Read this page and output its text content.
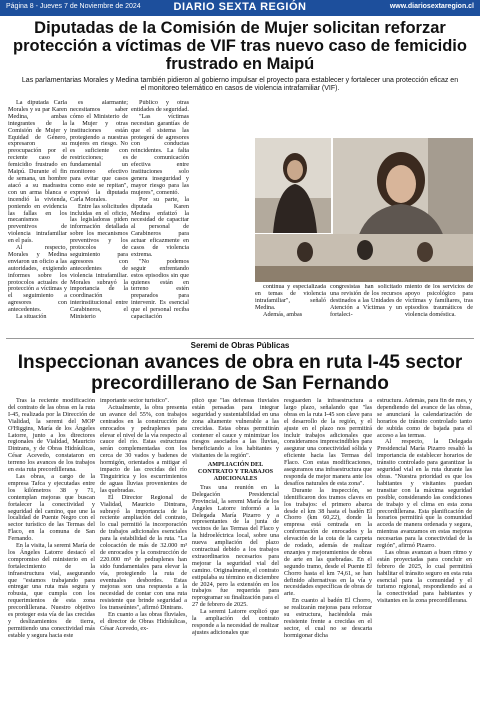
Página 8 - Jueves 7 de Noviembre de 2024	DIARIO SEXTA REGIÓN	www.diariosextaregion.cl
Diputadas de la Comisión de Mujer solicitan reforzar protección a víctimas de VIF tras nuevo caso de femicidio frustrado en Maipú
Las parlamentarias Morales y Medina también pidieron al gobierno impulsar el proyecto para establecer y fortalecer una protección eficaz en el monitoreo telemático en casos de violencia intrafamiliar (VIF).

La diputada Carla Morales y su par Karen Medina, ambas integrantes de la Comisión de Mujer y Equidad de Género, expresaron su preocupación por el reciente caso de femicidio frustrado en Maipú. Durante el fin de semana, un hombre atacó a su madrastra con un arma blanca e incendió la vivienda, poniendo en evidencia las fallas en los mecanismos preventivos de violencia intrafamiliar en el país.

Al respecto, Morales y Medina enviaron un oficio a las autoridades, exigiendo informes sobre los protocolos actuales de protección a víctimas y el seguimiento a agresores con antecedentes.

La situación

es alarmante; necesitamos saber cómo el Ministerio de la Mujer y otras instituciones están protegiendo a nuestras mujeres en riesgo. No es suficiente con restricciones; es fundamental un monitoreo efectivo para evitar que casos como este se repitan", expresó la diputada Carla Morales.

Entre las solicitudes incluidas en el oficio, las legisladoras piden información detallada sobre los mecanismos preventivos y los protocolos de seguimiento para agresores con antecedentes de violencia intrafamiliar. Morales subrayó la importancia de la coordinación interinstitucional entre Carabineros, el Ministerio

Público y otras entidades de seguridad.

"Las víctimas necesitan garantías de que el sistema las protegerá de agresores con conductas reincidentes. La falta de comunicación efectiva entre instituciones solo genera inseguridad y mayor riesgo para las mujeres", comentó.

Por su parte, la diputada Karen Medina enfatizó la necesidad de capacitar al personal de Carabineros para actuar eficazmente en casos de violencia extrema.

"No podemos seguir enfrentando estos episodios sin que quienes están en terreno estén preparados para intervenir. Es esencial que el personal reciba capacitación

continua y especializada en temas de violencia intrafamiliar", señaló Medina.

Además, ambas

congresistas han solicitado una revisión de los recursos destinados a las Unidades de Atención a Víctimas y un fortaleci-

miento de los servicios de apoyo psicológico para víctimas y familiares, tras episodios traumáticos de violencia doméstica.

Seremi de Obras Públicas
Inspeccionan avances de obra en ruta I-45 sector precordillerano de San Fernando

Tras la reciente modificación del contrato de las obras en la ruta I-45, realizada por la Dirección de Vialidad, la seremi del MOP O'Higgins, María de los Ángeles Latorre, junto a los directores regionales de Vialidad, Mauricio Dintrans, y de Obras Hidráulicas, César Acevedo, constataron en terreno los avances de los trabajos en esta ruta precordillerana.

Las obras, a cargo de la empresa Tafca y ejecutadas entre los kilómetros 38 y 71, contemplan mejoras que buscan fortalecer la conectividad y seguridad del camino, que une la localidad de Puente Negro con el sector turístico de las Termas del Flaco, en la comuna de San Fernando.

En la visita, la seremi María de los Ángeles Latorre destacó el compromiso del ministerio en el fortalecimiento de la infraestructura vial, asegurando que "estamos trabajando para entregar una ruta más segura y robusta, que cumpla con los requerimientos de esta zona precordillerana. Nuestro objetivo es proteger esta vía de las crecidas y deslizamientos de tierra, permitiendo una conectividad más estable y segura hacia este

importante sector turístico".

Actualmente, la obra presenta un avance del 55%, con trabajos centrados en la construcción de enrocados y pedraplenes para elevar el nivel de la vía respecto al cauce del río. Estas estructuras serán complementadas con los cerca de 30 vados y badenes de hormigón, orientados a mitigar el impacto de las crecidas del río Tinguiririca y los escurrimientos de aguas lluvias provenientes de las quebradas.

El Director Regional de Vialidad, Mauricio Dintrans, subrayó la importancia de la reciente ampliación del contrato, lo cual permitió la incorporación de trabajos adicionales esenciales para la estabilidad de la ruta. "La colocación de más de 32.000 m³ de enrocados y la construcción de 220.000 m³ de pedraplenes han sido fundamentales para elevar la vía, protegiendo la ruta de eventuales desbordes. Estas mejoras son una respuesta a la necesidad de contar con una ruta resistente que brinde seguridad a los transeúntes", afirmó Dintrans.

En cuanto a las obras fluviales, el director de Obras Hidráulicas, César Acevedo, ex-

plicó que "las defensas fluviales están pensadas para integrar seguridad y sustentabilidad en una zona altamente vulnerable a las crecidas. Estas obras permitirán contener el cauce y minimizar los riesgos asociados a las lluvias, beneficiando a los habitantes y visitantes de la región".

AMPLIACIÓN DEL CONTRATO Y TRABAJOS ADICIONALES

Tras una reunión en la Delegación Presidencial Provincial, la seremi María de los Ángeles Latorre informó a la Delegada María Pizarro y a representantes de la junta de vecinos de las Termas del Flaco y la hidroeléctrica local, sobre una nueva ampliación del plazo contractual debido a los trabajos extraordinarios necesarios para mejorar la seguridad vial del camino. Originalmente, el contrato estipulaba su término en diciembre de 2024, pero la extensión en los trabajos fue requerida para reprogramar su finalización para el 27 de febrero de 2025.

La seremi Latorre explicó que la ampliación del contrato responde a la necesidad de realizar ajustes adicionales que

resguarden la infraestructura a largo plazo, señalando que "las obras en la ruta I-45 son clave para el desarrollo de la región, y el ajuste en el plazo nos permitirá incluir trabajos adicionales que consideramos imprescindibles para asegurar una conectividad sólida y eficiente hacia las Termas del Flaco. Con estas modificaciones, aseguramos una infraestructura que responda de mejor manera ante los desafíos naturales de esta zona".

Durante la inspección, se identificaron dos tramos claves en los trabajos: el primero abarca desde el km 38 hasta el badén El Chorro (km 60,22), donde la empresa está centrada en la conformación de enrocados y la elevación de la cota de la carpeta de rodado, además de realizar enzanjes y mejoramientos de obras de arte en las quebradas. En el segundo tramo, desde el Puente El Chorro hasta el km 74,61, se han definido alternativas en la vía y necesidades específicas de obras de arte.

En cuanto al badén El Chorro, se realizarán mejoras para reforzar su estructura, haciéndola más resistente frente a crecidas en el sector, el cual no se descarta hormigonar dicha

estructura. Además, para fin de mes, y dependiendo del avance de las obras, se anunciará la calendarización de horarios de tránsito controlado tanto de subida como de bajada para el acceso a las termas.

Al respecto, la Delegada Presidencial María Pizarro resaltó la importancia de establecer horarios de tránsito controlado para garantizar la seguridad vial en la ruta durante las obras. "Nuestra prioridad es que los habitantes y visitantes puedan transitar con la máxima seguridad posible, considerando las condiciones de trabajo y el clima en esta zona precordillerana. Esta planificación de horarios permitirá que la comunidad acceda de manera ordenada y segura, mientras avanzamos en estas mejoras necesarias para la conectividad de la región", afirmó Pizarro.

Las obras avanzan a buen ritmo y están proyectadas para concluir en febrero de 2025, lo cual permitirá habilitar el tránsito seguro en esta ruta esencial para la comunidad y el turismo regional, respondiendo así a la conectividad para habitantes y visitantes en la zona precordillerana.
